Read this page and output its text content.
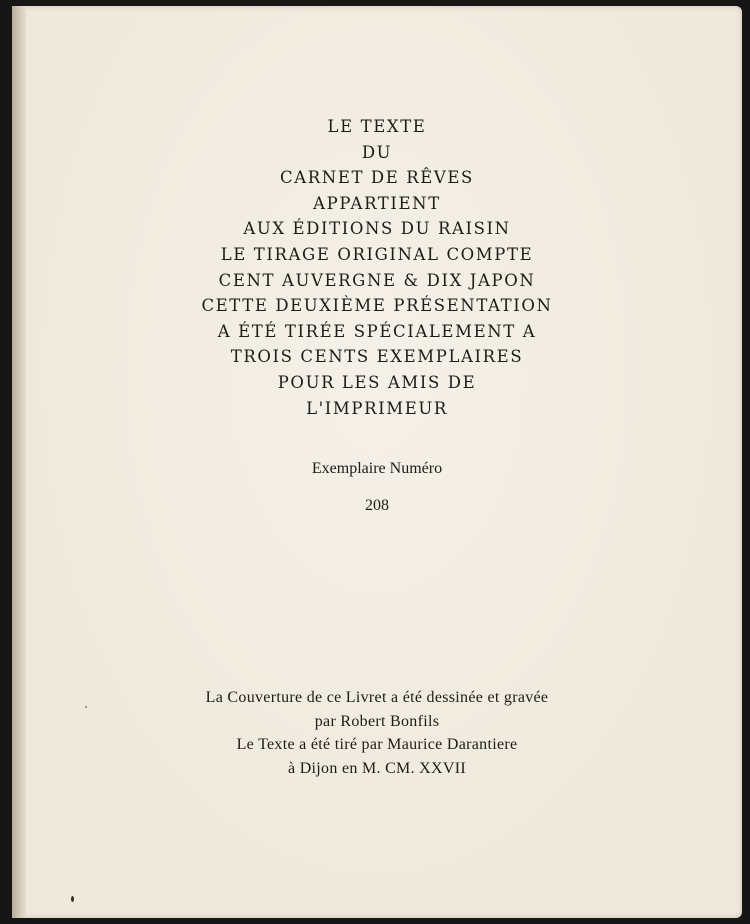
LE TEXTE
DU
CARNET DE RÊVES
APPARTIENT
AUX ÉDITIONS DU RAISIN
LE TIRAGE ORIGINAL COMPTE
CENT AUVERGNE & DIX JAPON
CETTE DEUXIÈME PRÉSENTATION
A ÉTÉ TIRÉE SPÉCIALEMENT A
TROIS CENTS EXEMPLAIRES
POUR LES AMIS DE
L'IMPRIMEUR
Exemplaire Numéro
208
La Couverture de ce Livret a été dessinée et gravée
par Robert Bonfils
Le Texte a été tiré par Maurice Darantiere
à Dijon en M. CM. XXVII
